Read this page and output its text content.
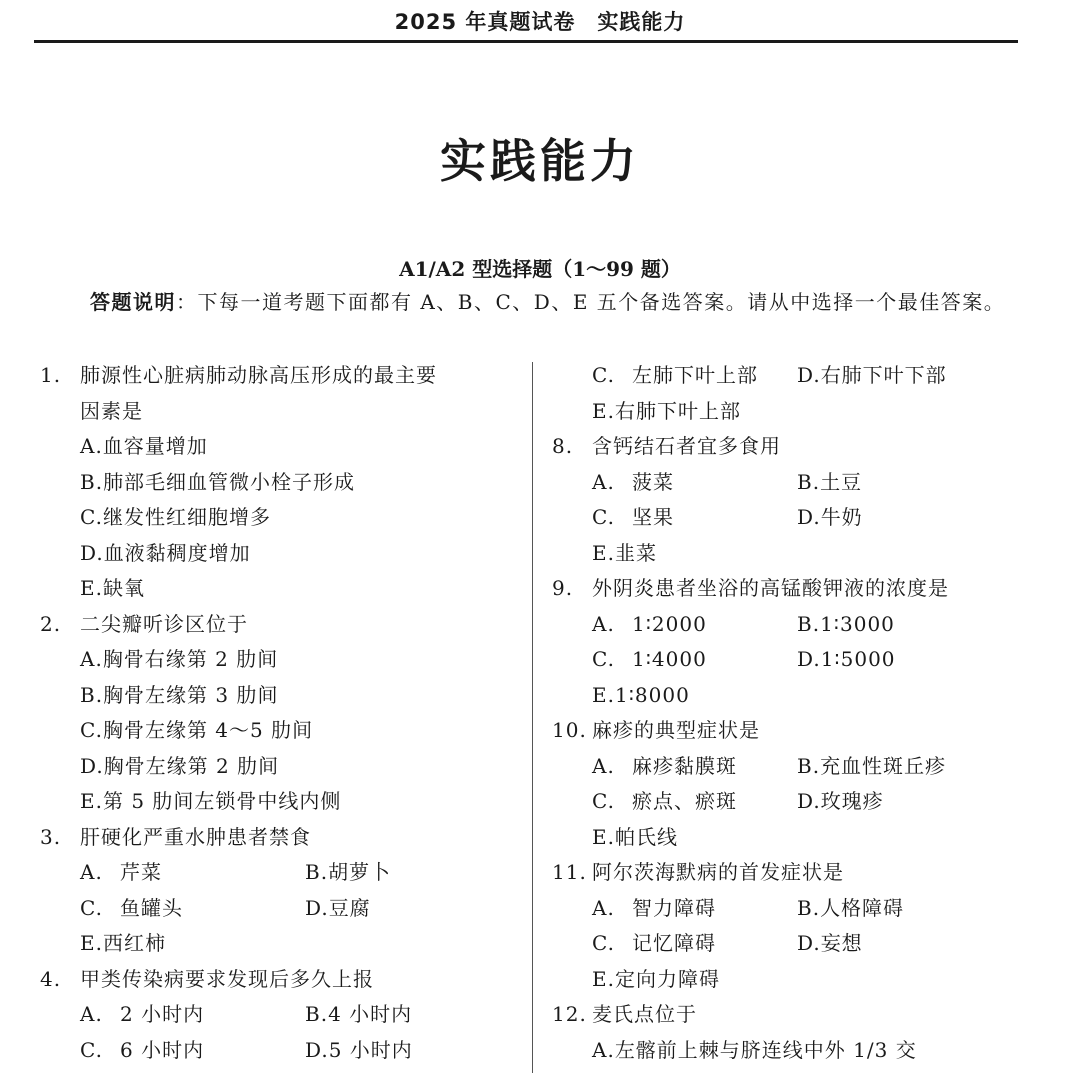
2025 年真题试卷　实践能力
实践能力
A1/A2 型选择题（1～99 题）
答题说明：下每一道考题下面都有 A、B、C、D、E 五个备选答案。请从中选择一个最佳答案。
1. 肺源性心脏病肺动脉高压形成的最主要
因素是
A.血容量增加
B.肺部毛细血管微小栓子形成
C.继发性红细胞增多
D.血液黏稠度增加
E.缺氧
2. 二尖瓣听诊区位于
A.胸骨右缘第 2 肋间
B.胸骨左缘第 3 肋间
C.胸骨左缘第 4～5 肋间
D.胸骨左缘第 2 肋间
E.第 5 肋间左锁骨中线内侧
3. 肝硬化严重水肿患者禁食
A. 芹菜	B.胡萝卜
C. 鱼罐头	D.豆腐
E.西红柿
4. 甲类传染病要求发现后多久上报
A. 2 小时内	B.4 小时内
C. 6 小时内	D.5 小时内
C. 左肺下叶上部	D.右肺下叶下部
E.右肺下叶上部
8. 含钙结石者宜多食用
A. 菠菜	B.土豆
C. 坚果	D.牛奶
E.韭菜
9. 外阴炎患者坐浴的高锰酸钾液的浓度是
A. 1∶2000	B.1∶3000
C. 1∶4000	D.1∶5000
E.1∶8000
10. 麻疹的典型症状是
A. 麻疹黏膜斑	B.充血性斑丘疹
C. 瘀点、瘀斑	D.玫瑰疹
E.帕氏线
11. 阿尔茨海默病的首发症状是
A. 智力障碍	B.人格障碍
C. 记忆障碍	D.妄想
E.定向力障碍
12. 麦氏点位于
A.左髂前上棘与脐连线中外 1/3 交
